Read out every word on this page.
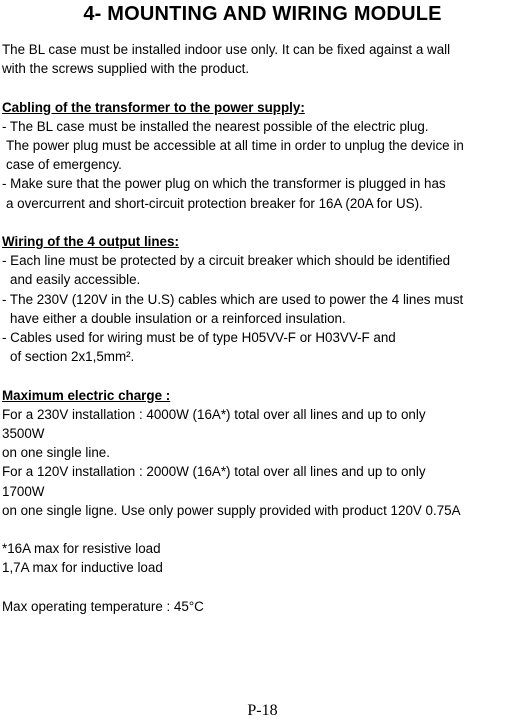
4- MOUNTING AND WIRING MODULE
The BL case must be installed indoor use only. It can be fixed against a wall
with the screws supplied with the product.
Cabling of the transformer to the power supply:
- The BL case must be installed the nearest possible of the electric plug.
The power plug must be accessible at all time in order to unplug the device in
case of emergency.
- Make sure that the power plug on which the transformer is plugged in has
a overcurrent and short-circuit protection breaker for 16A (20A for US).
Wiring of the 4 output lines:
- Each line must be protected by a circuit breaker which should be identified
and easily accessible.
- The 230V (120V in the U.S) cables which are used to power the 4 lines must
have either a double insulation or a reinforced insulation.
- Cables used for wiring must be of type H05VV-F or H03VV-F and
of section 2x1,5mm².
Maximum electric charge :
For a 230V installation : 4000W (16A*) total over all lines and up to only
3500W
on one single line.
For a 120V installation : 2000W (16A*) total over all lines and up to only
1700W
on one single ligne. Use only power supply provided with product 120V 0.75A
*16A max for resistive load
1,7A max for inductive load
Max operating temperature : 45°C
P-18
